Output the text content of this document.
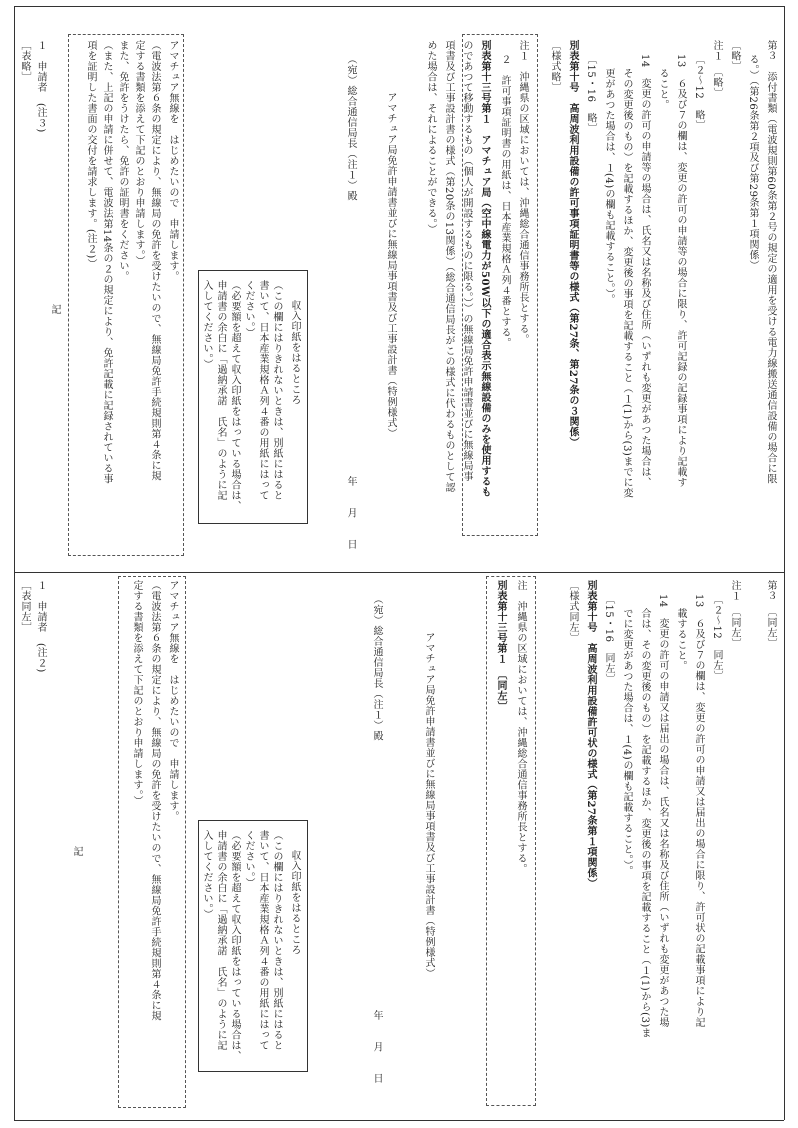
第３　添付書類（電波規則第60条第２号の規定の適用を受ける電力線搬送通信設備の場合に限
る。）（第26条第２項及び第29条第１項関係）
〔略〕
注１　〔略〕
〔２～12　略〕
13　６及び７の欄は、変更の許可の申請等の場合に限り、許可記録の記録事項により記載す
ること。
14　変更の許可の申請等の場合は、氏名又は名称及び住所（いずれも変更があつた場合は、
その変更後のもの）を記載するほか、変更後の事項を記載すること（１(1)から(3)までに変
更があつた場合は、１(4)の欄も記載すること。）。
〔15・16　略〕
別表第十号　高周波利用設備の許可事項証明書等の様式（第27条、第27条の３関係）
〔様式略〕
注１　沖縄県の区域においては、沖縄総合通信事務所長とする。
２　許可事項証明書の用紙は、日本産業規格Ａ列４番とする。
別表第十三号第１　アマチュア局（空中線電力が50W以下の適合表示無線設備のみを使用するも
のであつて移動するもの（個人が開設するものに限る。））の無線局免許申請書並びに無線局事
項書及び工事設計書の様式（第20条の13関係）（総合通信局長がこの様式に代わるものとして認
めた場合は、それによることができる。）
アマチュア局免許申請書並びに無線局事項書及び工事設計書（特例様式）
年　　月　　日
（宛）総合通信局長（注１）殿
収入印紙をはるところ
（この欄にはりきれないときは、別紙にはると
書いて、日本産業規格Ａ列４番の用紙にはって
ください。）
（必要額を超えて収入印紙をはっている場合は、
申請書の余白に「過納承諾　氏名」のように記
入してください。）
アマチュア無線を　はじめたいので　申請します。
（電波法第６条の規定により、無線局の免許を受けたいので、無線局免許手続規則第４条に規
定する書類を添えて下記のとおり申請します。）
また、免許をうけたら、免許の証明書をください。
（また、上記の申請に併せて、電波法第14条の２の規定により、免許記載に記録されている事
項を証明した書面の交付を請求します。(注２)）
記
１　申請者　(注３)
［表略］
第３　〔同左〕
注１　〔同左〕
〔２～12　同左〕
13　６及び７の欄は、変更の許可の申請又は届出の場合に限り、許可状の記載事項により記
載すること。
14　変更の許可の申請又は届出の場合は、氏名又は名称及び住所（いずれも変更があつた場
合は、その変更後のもの）を記載するほか、変更後の事項を記載すること（１(1)から(3)ま
でに変更があつた場合は、１(4)の欄も記載すること。）。
〔15・16　同左〕
別表第十号　高周波利用設備許可状の様式（第27条第１項関係）
〔様式同左〕
注　沖縄県の区域においては、沖縄総合通信事務所長とする。
別表第十三号第１　〔同左〕
アマチュア局免許申請書並びに無線局事項書及び工事設計書（特例様式）
年　　月　　日
（宛）総合通信局長（注１）殿
収入印紙をはるところ
（この欄にはりきれないときは、別紙にはると
書いて、日本産業規格Ａ列４番の用紙にはって
ください。）
（必要額を超えて収入印紙をはっている場合は、
申請書の余白に「過納承諾　氏名」のように記
入してください。）
アマチュア無線を　はじめたいので　申請します。
（電波法第６条の規定により、無線局の免許を受けたいので、無線局免許手続規則第４条に規
定する書類を添えて下記のとおり申請します。）
記
１　申請者　(注２)
［表同左］
